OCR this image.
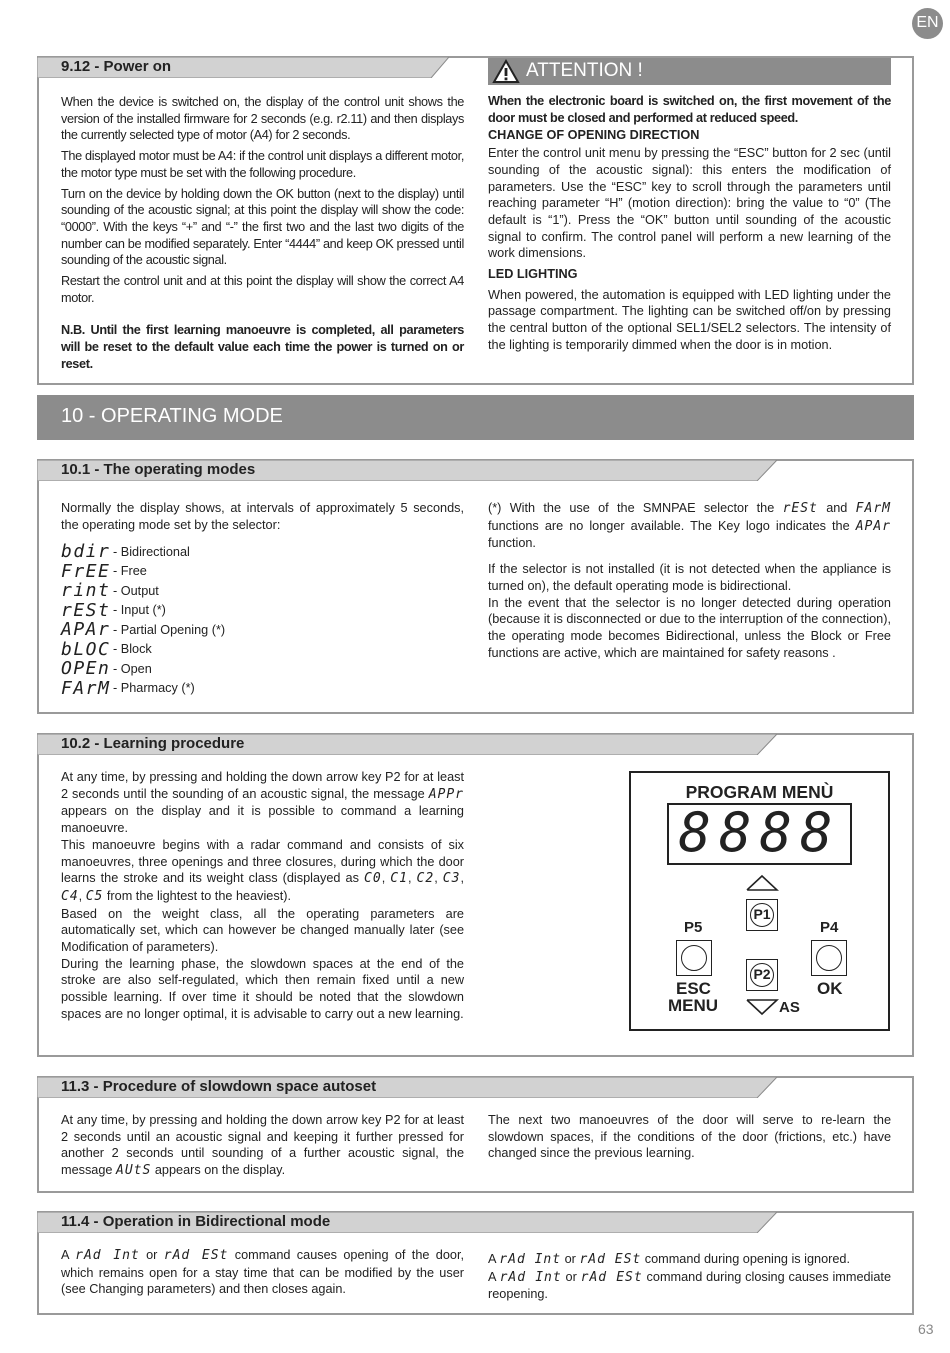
EN
9.12 - Power on

When the device is switched on, the display of the control unit shows the version of the installed firmware for 2 seconds (e.g. r2.11) and then displays the currently selected type of motor (A4) for 2 seconds.

The displayed motor must be A4: if the control unit displays a different motor, the motor type must be set with the following procedure.

Turn on the device by holding down the OK button (next to the display) until sounding of the acoustic signal; at this point the display will show the code: “0000”. With the keys “+” and “-” the first two and the last two digits of the number can be modified separately. Enter “4444” and keep OK pressed until sounding of the acoustic signal.

Restart the control unit and at this point the display will show the correct A4 motor.

N.B. Until the first learning manoeuvre is completed, all parameters will be reset to the default value each time the power is turned on or reset.

ATTENTION !

When the electronic board is switched on, the first movement of the door must be closed and performed at reduced speed.

CHANGE OF OPENING DIRECTION

Enter the control unit menu by pressing the “ESC” button for 2 sec (until sounding of the acoustic signal): this enters the modification of parameters. Use the “ESC” key to scroll through the parameters until reaching parameter “H” (motion direction): bring the value to “0” (The default is “1”). Press the “OK” button until sounding of the acoustic signal to confirm. The control panel will perform a new learning of the work dimensions.

LED LIGHTING

When powered, the automation is equipped with LED lighting under the passage compartment. The lighting can be switched off/on by pressing the central button of the optional SEL1/SEL2 selectors. The intensity of the lighting is temporarily dimmed when the door is in motion.

10 - OPERATING MODE
10.1 - The operating modes
Normally the display shows, at intervals of approximately 5 seconds, the operating mode set by the selector:
bdir - Bidirectional
FrEE - Free
rint - Output
rESt - Input (*)
APAr - Partial Opening (*)
bLOC - Block
OPEn - Open
FArM - Pharmacy (*)

(*) With the use of the SMNPAE selector the rESt and FArM functions are no longer available. The Key logo indicates the APAr function.

If the selector is not installed (it is not detected when the appliance is turned on), the default operating mode is bidirectional.

In the event that the selector is no longer detected during operation (because it is disconnected or due to the interruption of the connection), the operating mode becomes Bidirectional, unless the Block or Free functions are active, which are maintained for safety reasons .

10.2 - Learning procedure

At any time, by pressing and holding the down arrow key P2 for at least 2 seconds until the sounding of an acoustic signal, the message APPr appears on the display and it is possible to command a learning manoeuvre.

This manoeuvre begins with a radar command and consists of six manoeuvres, three openings and three closures, during which the door learns the stroke and its weight class (displayed as C0, C1, C2, C3, C4, C5 from the lightest to the heaviest).

Based on the weight class, all the operating parameters are automatically set, which can however be changed manually later (see Modification of parameters).

During the learning phase, the slowdown spaces at the end of the stroke are also self-regulated, which then remain fixed until a new possible learning. If over time it should be noted that the slowdown spaces are no longer optimal, it is advisable to carry out a new learning.

PROGRAM MENÙ
8888
P1
P5	P4
P2
ESC
MENU
OK
AS
11.3 - Procedure of slowdown space autoset

At any time, by pressing and holding the down arrow key P2 for at least 2 seconds until an acoustic signal and keeping it further pressed for another 2 seconds until sounding of a further acoustic signal, the message AUtS appears on the display.

The next two manoeuvres of the door will serve to re-learn the slowdown spaces, if the conditions of the door (frictions, etc.) have changed since the previous learning.
11.4 - Operation in Bidirectional mode

A rAd Int or rAd ESt command causes opening of the door, which remains open for a stay time that can be modified by the user (see Changing parameters) and then closes again.

A rAd Int or rAd ESt command during opening is ignored.

A rAd Int or rAd ESt command during closing causes immediate reopening.

63
